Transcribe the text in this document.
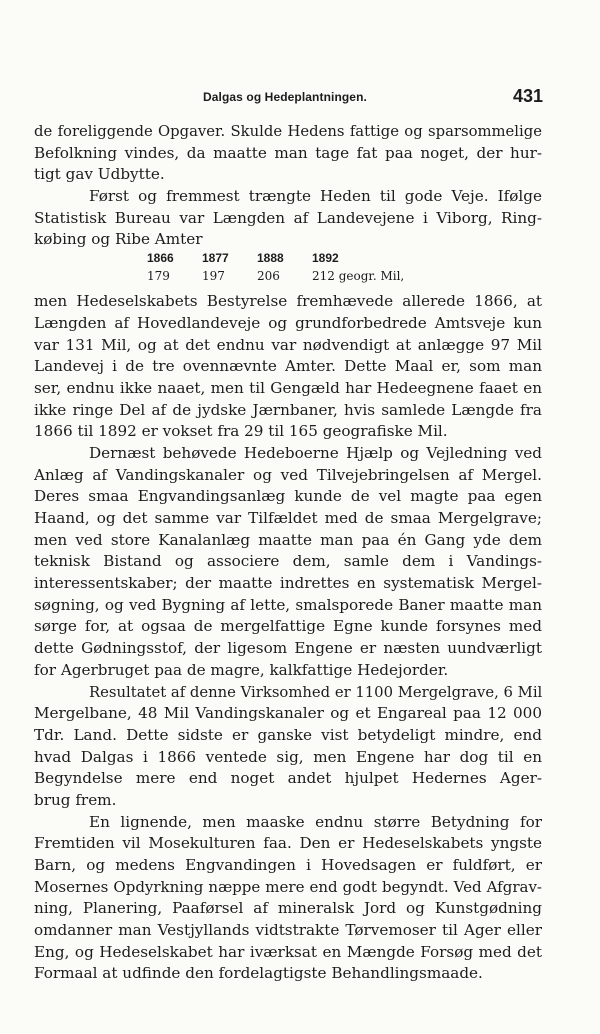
Dalgas og Hedeplantningen.	431
de foreliggende Opgaver. Skulde Hedens fattige og sparsommelige
Befolkning vindes, da maatte man tage fat paa noget, der hur-
tigt gav Udbytte.
Først og fremmest trængte Heden til gode Veje. Ifølge
Statistisk Bureau var Længden af Landevejene i Viborg, Ring-
købing og Ribe Amter
1866	1877	1888	1892
179	197	206	212 geogr. Mil,
men Hedeselskabets Bestyrelse fremhævede allerede 1866, at
Længden af Hovedlandeveje og grundforbedrede Amtsveje kun
var 131 Mil, og at det endnu var nødvendigt at anlægge 97 Mil
Landevej i de tre ovennævnte Amter. Dette Maal er, som man
ser, endnu ikke naaet, men til Gengæld har Hedeegnene faaet en
ikke ringe Del af de jydske Jærnbaner, hvis samlede Længde fra
1866 til 1892 er vokset fra 29 til 165 geografiske Mil.
Dernæst behøvede Hedeboerne Hjælp og Vejledning ved
Anlæg af Vandingskanaler og ved Tilvejebringelsen af Mergel.
Deres smaa Engvandingsanlæg kunde de vel magte paa egen
Haand, og det samme var Tilfældet med de smaa Mergelgrave;
men ved store Kanalanlæg maatte man paa én Gang yde dem
teknisk Bistand og associere dem, samle dem i Vandings-
interessentskaber; der maatte indrettes en systematisk Mergel-
søgning, og ved Bygning af lette, smalsporede Baner maatte man
sørge for, at ogsaa de mergelfattige Egne kunde forsynes med
dette Gødningsstof, der ligesom Engene er næsten uundværligt
for Agerbruget paa de magre, kalkfattige Hedejorder.
Resultatet af denne Virksomhed er 1100 Mergelgrave, 6 Mil
Mergelbane, 48 Mil Vandingskanaler og et Engareal paa 12 000
Tdr. Land. Dette sidste er ganske vist betydeligt mindre, end
hvad Dalgas i 1866 ventede sig, men Engene har dog til en
Begyndelse mere end noget andet hjulpet Hedernes Ager-
brug frem.
En lignende, men maaske endnu større Betydning for
Fremtiden vil Mosekulturen faa. Den er Hedeselskabets yngste
Barn, og medens Engvandingen i Hovedsagen er fuldført, er
Mosernes Opdyrkning næppe mere end godt begyndt. Ved Afgrav-
ning, Planering, Paaførsel af mineralsk Jord og Kunstgødning
omdanner man Vestjyllands vidtstrakte Tørvemoser til Ager eller
Eng, og Hedeselskabet har iværksat en Mængde Forsøg med det
Formaal at udfinde den fordelagtigste Behandlingsmaade.
